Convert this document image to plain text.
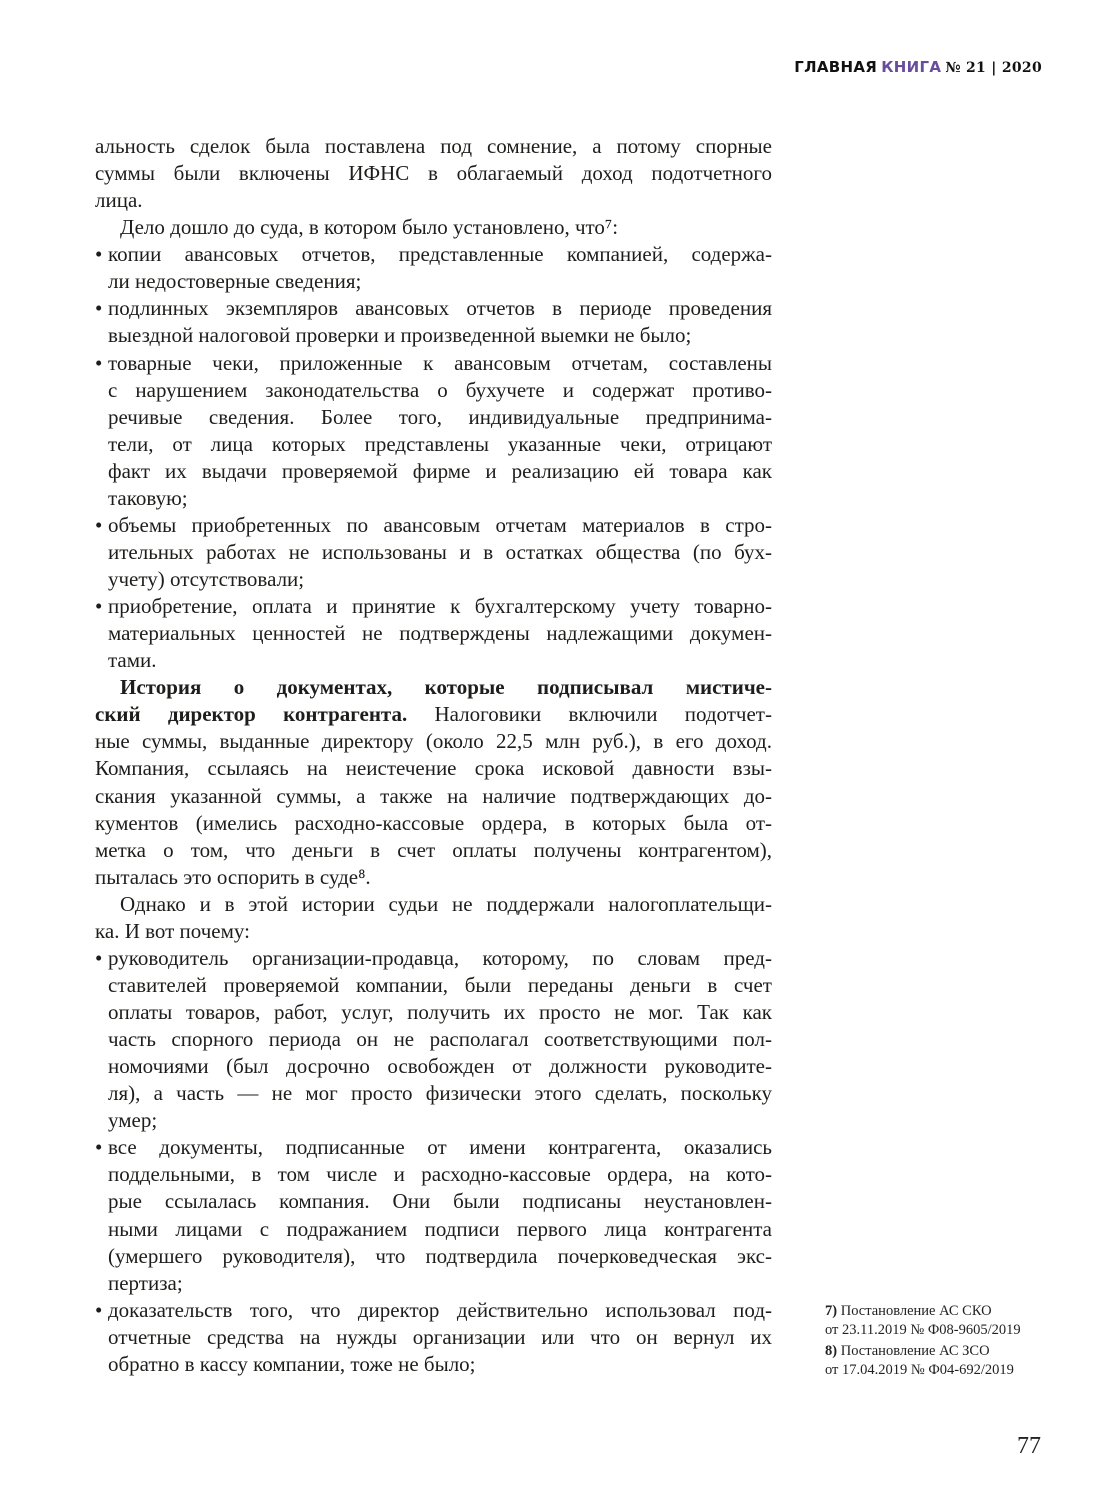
ГЛАВНАЯ КНИГА № 21 | 2020
альность сделок была поставлена под сомнение, а потому спорные
суммы были включены ИФНС в облагаемый доход подотчетного
лица.
Дело дошло до суда, в котором было установлено, что⁷:
• копии авансовых отчетов, представленные компанией, содержа-
ли недостоверные сведения;
• подлинных экземпляров авансовых отчетов в периоде проведения
выездной налоговой проверки и произведенной выемки не было;
• товарные чеки, приложенные к авансовым отчетам, составлены
с нарушением законодательства о бухучете и содержат противо-
речивые сведения. Более того, индивидуальные предпринима-
тели, от лица которых представлены указанные чеки, отрицают
факт их выдачи проверяемой фирме и реализацию ей товара как
таковую;
• объемы приобретенных по авансовым отчетам материалов в стро-
ительных работах не использованы и в остатках общества (по бух-
учету) отсутствовали;
• приобретение, оплата и принятие к бухгалтерскому учету товарно-
материальных ценностей не подтверждены надлежащими докумен-
тами.
История о документах, которые подписывал мистиче-
ский директор контрагента. Налоговики включили подотчет-
ные суммы, выданные директору (около 22,5 млн руб.), в его доход.
Компания, ссылаясь на неистечение срока исковой давности взы-
скания указанной суммы, а также на наличие подтверждающих до-
кументов (имелись расходно-кассовые ордера, в которых была от-
метка о том, что деньги в счет оплаты получены контрагентом),
пыталась это оспорить в суде⁸.
Однако и в этой истории судьи не поддержали налогоплательщи-
ка. И вот почему:
• руководитель организации-продавца, которому, по словам пред-
ставителей проверяемой компании, были переданы деньги в счет
оплаты товаров, работ, услуг, получить их просто не мог. Так как
часть спорного периода он не располагал соответствующими пол-
номочиями (был досрочно освобожден от должности руководите-
ля), а часть — не мог просто физически этого сделать, поскольку
умер;
• все документы, подписанные от имени контрагента, оказались
поддельными, в том числе и расходно-кассовые ордера, на кото-
рые ссылалась компания. Они были подписаны неустановлен-
ными лицами с подражанием подписи первого лица контрагента
(умершего руководителя), что подтвердила почерковедческая экс-
пертиза;
• доказательств того, что директор действительно использовал под-
отчетные средства на нужды организации или что он вернул их
обратно в кассу компании, тоже не было;
7) Постановление АС СКО
от 23.11.2019 № Ф08-9605/2019
8) Постановление АС ЗСО
от 17.04.2019 № Ф04-692/2019
77
